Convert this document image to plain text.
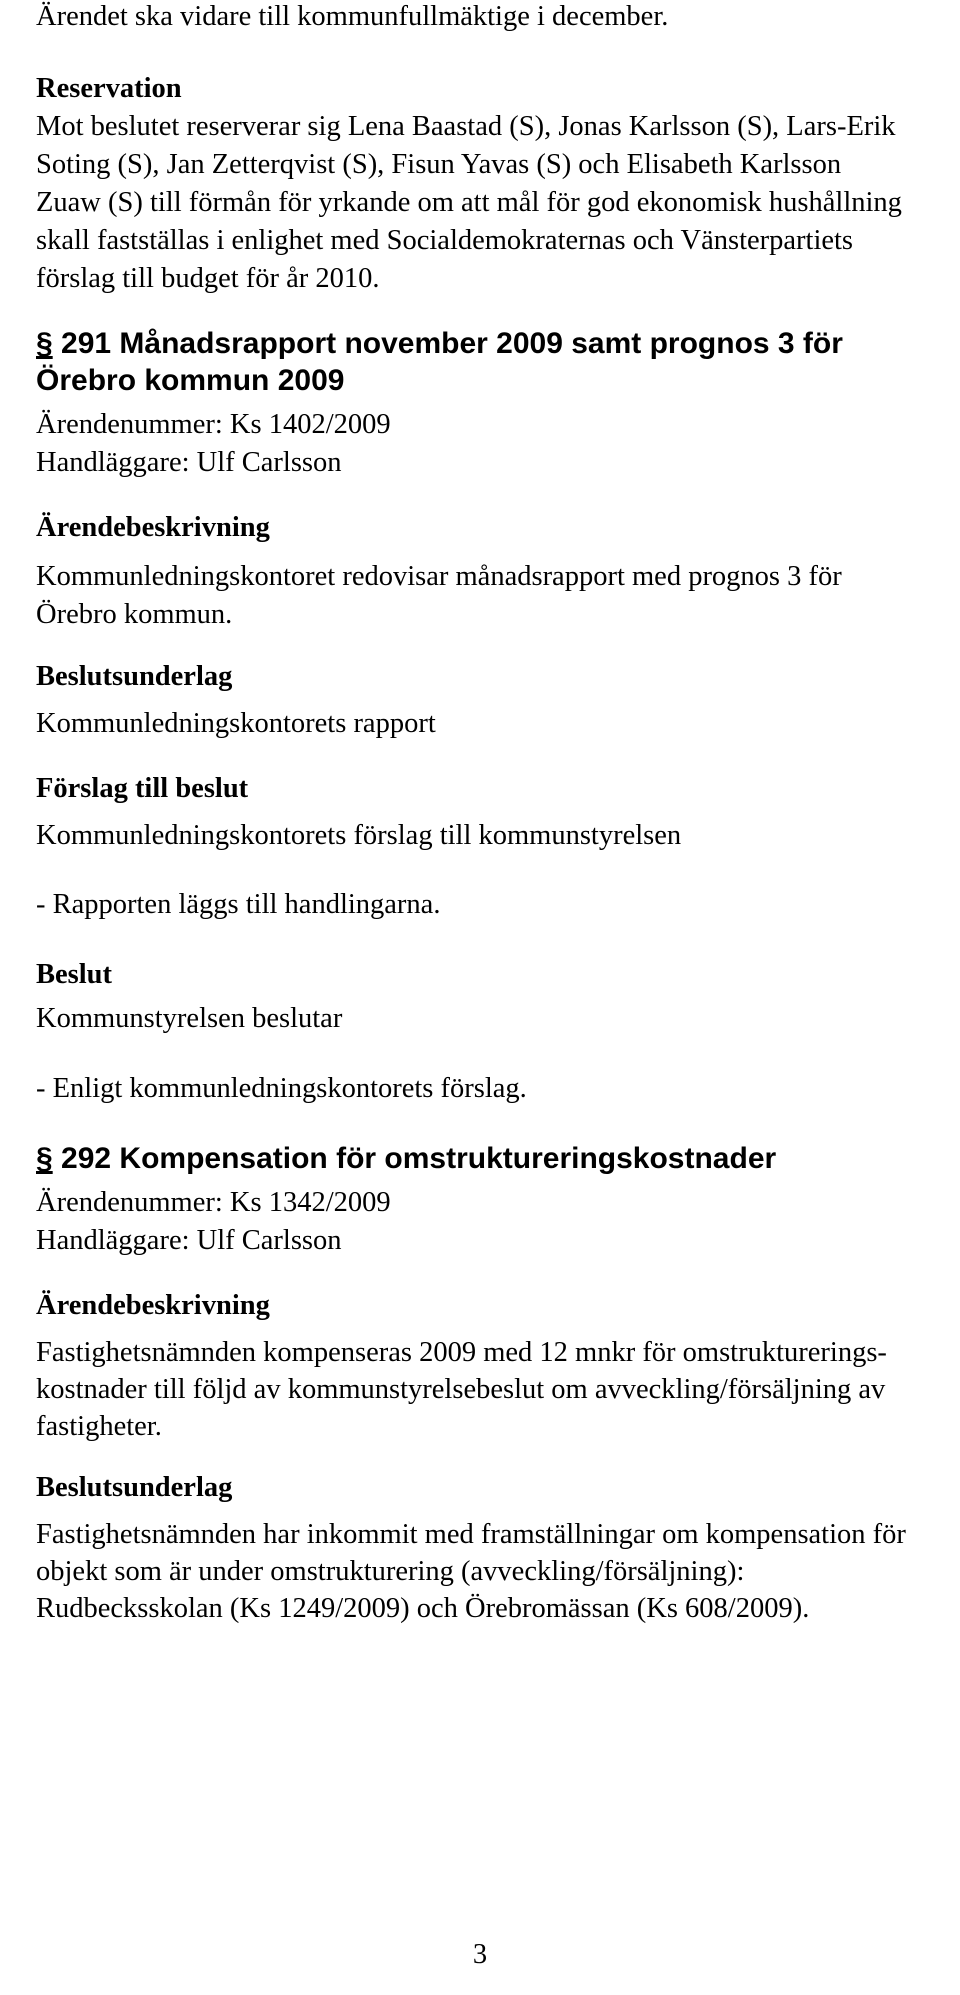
Ärendet ska vidare till kommunfullmäktige i december.

Reservation

Mot beslutet reserverar sig Lena Baastad (S), Jonas Karlsson (S), Lars-Erik

Soting (S), Jan Zetterqvist (S), Fisun Yavas (S) och Elisabeth Karlsson

Zuaw (S) till förmån för yrkande om att mål för god ekonomisk hushållning

skall fastställas i enlighet med Socialdemokraternas och Vänsterpartiets

förslag till budget för år 2010.

§ 291 Månadsrapport november 2009 samt prognos 3 för

Örebro kommun 2009

Ärendenummer: Ks 1402/2009

Handläggare: Ulf Carlsson

Ärendebeskrivning

Kommunledningskontoret redovisar månadsrapport med prognos 3 för

Örebro kommun.

Beslutsunderlag

Kommunledningskontorets rapport

Förslag till beslut

Kommunledningskontorets förslag till kommunstyrelsen

- Rapporten läggs till handlingarna.

Beslut

Kommunstyrelsen beslutar

- Enligt kommunledningskontorets förslag.

§ 292 Kompensation för omstruktureringskostnader

Ärendenummer: Ks 1342/2009

Handläggare: Ulf Carlsson

Ärendebeskrivning

Fastighetsnämnden kompenseras 2009 med 12 mnkr för omstrukturerings-

kostnader till följd av kommunstyrelsebeslut om avveckling/försäljning av

fastigheter.

Beslutsunderlag

Fastighetsnämnden har inkommit med framställningar om kompensation för

objekt som är under omstrukturering (avveckling/försäljning):

Rudbecksskolan (Ks 1249/2009) och Örebromässan (Ks 608/2009).

3
